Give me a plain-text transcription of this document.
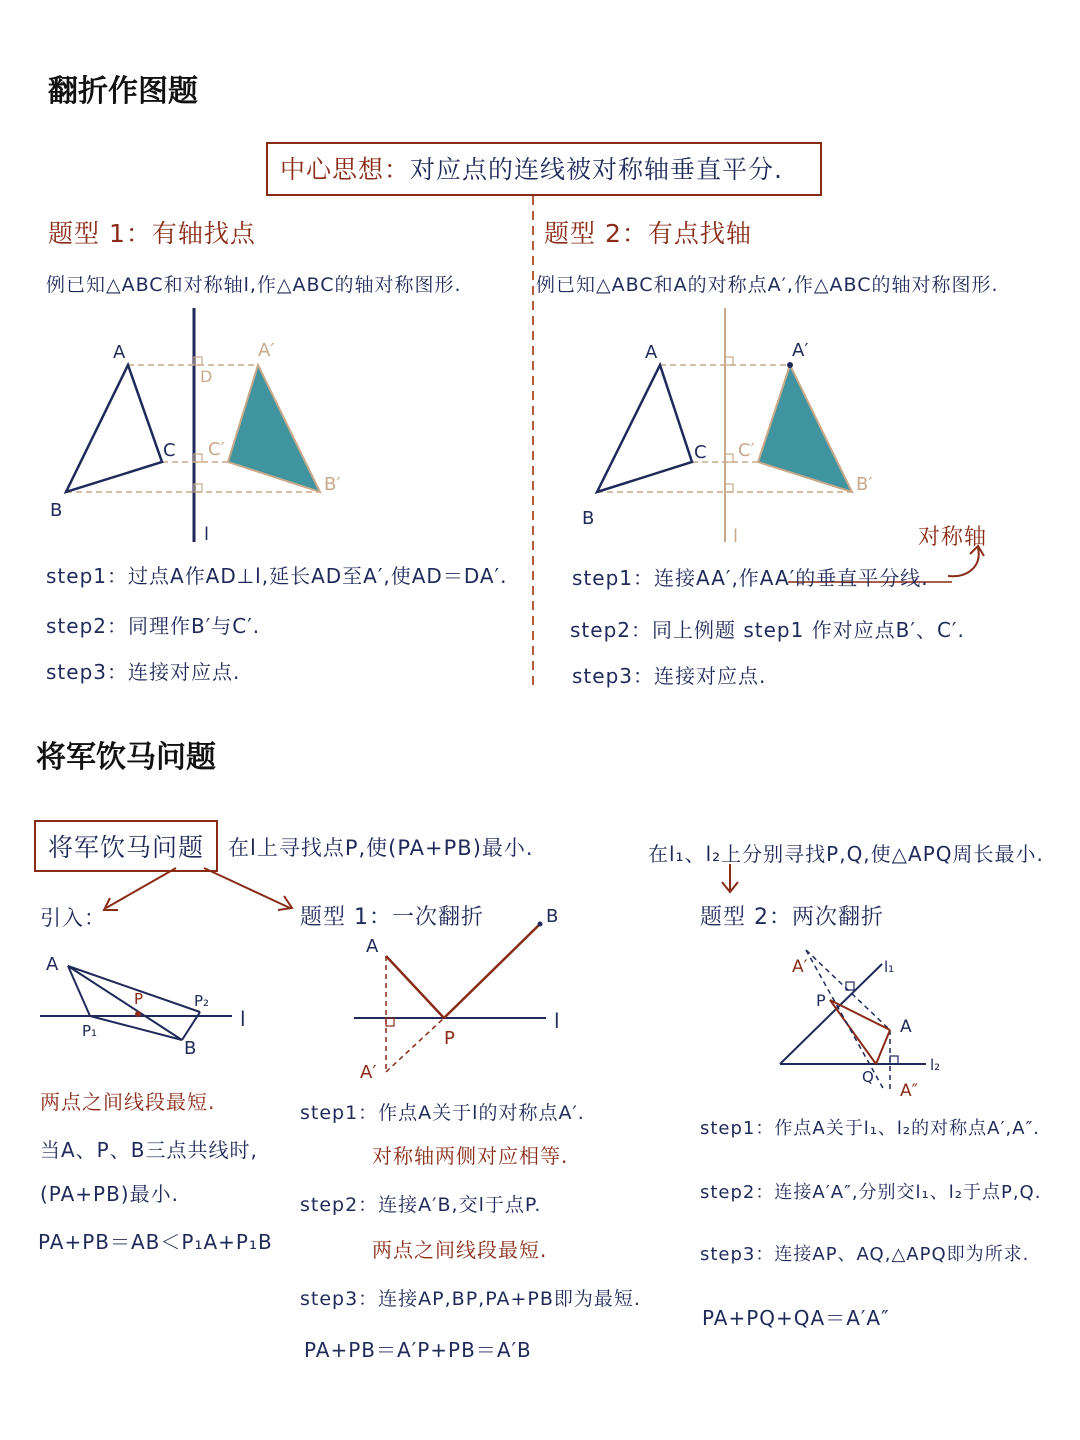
翻折作图题
中心思想：对应点的连线被对称轴垂直平分.
题型 1：有轴找点
例已知△ABC和对称轴l,作△ABC的轴对称图形.
题型 2：有点找轴
例已知△ABC和A的对称点A′,作△ABC的轴对称图形.
A
B
C
D
A′
C′
B′
l
A
B
C
A′
C′
B′
l
A
P
P₁
P₂
B
l
A
B
P
A′
l
A′
P
A
Q
A″
l₁
l₂
对称轴
step1：过点A作AD⊥l,延长AD至A′,使AD＝DA′.
step2：同理作B′与C′.
step3：连接对应点.
step1：连接AA′,作AA′的垂直平分线.
step2：同上例题 step1 作对应点B′、C′.
step3：连接对应点.
将军饮马问题
将军饮马问题	在l上寻找点P,使(PA+PB)最小.	在l₁、l₂上分别寻找P,Q,使△APQ周长最小.
引入：	题型 1：一次翻折	题型 2：两次翻折
两点之间线段最短.
当A、P、B三点共线时,
(PA+PB)最小.
PA+PB＝AB＜P₁A+P₁B
step1：作点A关于l的对称点A′.
对称轴两侧对应相等.
step2：连接A′B,交l于点P.
两点之间线段最短.
step3：连接AP,BP,PA+PB即为最短.
PA+PB＝A′P+PB＝A′B
step1：作点A关于l₁、l₂的对称点A′,A″.
step2：连接A′A″,分别交l₁、l₂于点P,Q.
step3：连接AP、AQ,△APQ即为所求.
PA+PQ+QA＝A′A″
